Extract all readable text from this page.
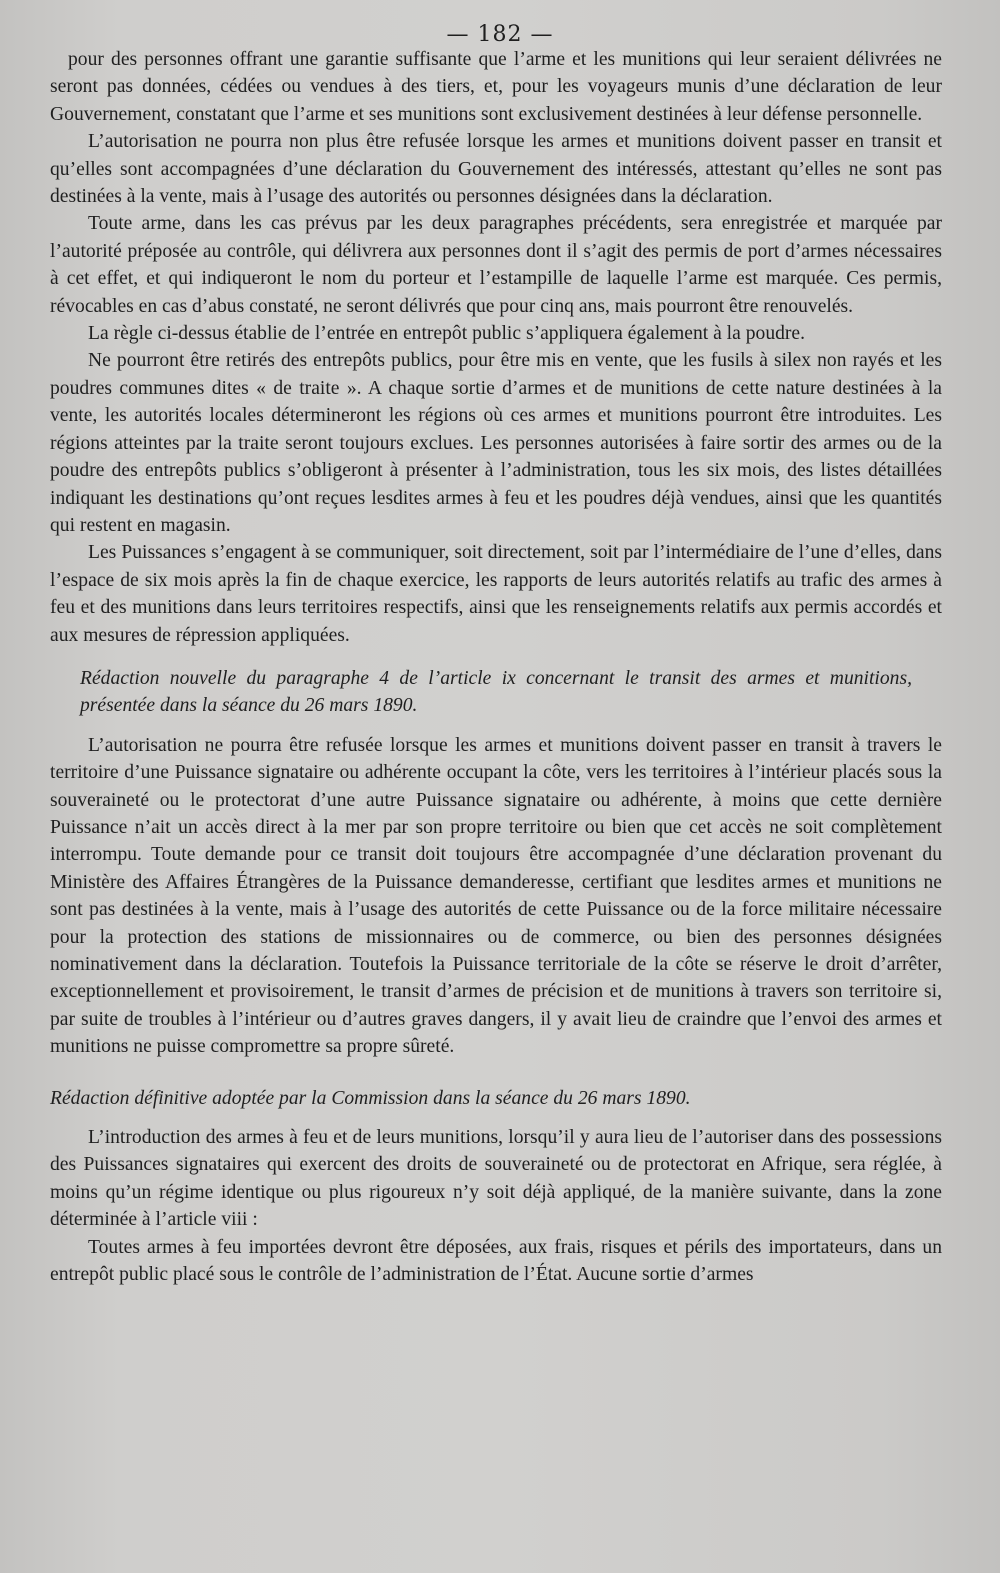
— 182 —

pour des personnes offrant une garantie suffisante que l’arme et les munitions qui leur seraient délivrées ne seront pas données, cédées ou vendues à des tiers, et, pour les voyageurs munis d’une déclaration de leur Gouvernement, constatant que l’arme et ses munitions sont exclusivement destinées à leur défense personnelle.

L’autorisation ne pourra non plus être refusée lorsque les armes et munitions doivent passer en transit et qu’elles sont accompagnées d’une déclaration du Gouvernement des intéressés, attestant qu’elles ne sont pas destinées à la vente, mais à l’usage des autorités ou personnes désignées dans la déclaration.

Toute arme, dans les cas prévus par les deux paragraphes précédents, sera enregistrée et marquée par l’autorité préposée au contrôle, qui délivrera aux personnes dont il s’agit des permis de port d’armes nécessaires à cet effet, et qui indiqueront le nom du porteur et l’estampille de laquelle l’arme est marquée. Ces permis, révocables en cas d’abus constaté, ne seront délivrés que pour cinq ans, mais pourront être renouvelés.

La règle ci-dessus établie de l’entrée en entrepôt public s’appliquera également à la poudre.

Ne pourront être retirés des entrepôts publics, pour être mis en vente, que les fusils à silex non rayés et les poudres communes dites « de traite ». A chaque sortie d’armes et de munitions de cette nature destinées à la vente, les autorités locales détermineront les régions où ces armes et munitions pourront être introduites. Les régions atteintes par la traite seront toujours exclues. Les personnes autorisées à faire sortir des armes ou de la poudre des entrepôts publics s’obligeront à présenter à l’administration, tous les six mois, des listes détaillées indiquant les destinations qu’ont reçues lesdites armes à feu et les poudres déjà vendues, ainsi que les quantités qui restent en magasin.

Les Puissances s’engagent à se communiquer, soit directement, soit par l’intermédiaire de l’une d’elles, dans l’espace de six mois après la fin de chaque exercice, les rapports de leurs autorités relatifs au trafic des armes à feu et des munitions dans leurs territoires respectifs, ainsi que les renseignements relatifs aux permis accordés et aux mesures de répression appliquées.

Rédaction nouvelle du paragraphe 4 de l’article ix concernant le transit des armes et munitions, présentée dans la séance du 26 mars 1890.

L’autorisation ne pourra être refusée lorsque les armes et munitions doivent passer en transit à travers le territoire d’une Puissance signataire ou adhérente occupant la côte, vers les territoires à l’intérieur placés sous la souveraineté ou le protectorat d’une autre Puissance signataire ou adhérente, à moins que cette dernière Puissance n’ait un accès direct à la mer par son propre territoire ou bien que cet accès ne soit complètement interrompu. Toute demande pour ce transit doit toujours être accompagnée d’une déclaration provenant du Ministère des Affaires Étrangères de la Puissance demanderesse, certifiant que lesdites armes et munitions ne sont pas destinées à la vente, mais à l’usage des autorités de cette Puissance ou de la force militaire nécessaire pour la protection des stations de missionnaires ou de commerce, ou bien des personnes désignées nominativement dans la déclaration. Toutefois la Puissance territoriale de la côte se réserve le droit d’arrêter, exceptionnellement et provisoirement, le transit d’armes de précision et de munitions à travers son territoire si, par suite de troubles à l’intérieur ou d’autres graves dangers, il y avait lieu de craindre que l’envoi des armes et munitions ne puisse compromettre sa propre sûreté.

Rédaction définitive adoptée par la Commission dans la séance du 26 mars 1890.

L’introduction des armes à feu et de leurs munitions, lorsqu’il y aura lieu de l’autoriser dans des possessions des Puissances signataires qui exercent des droits de souveraineté ou de protectorat en Afrique, sera réglée, à moins qu’un régime identique ou plus rigoureux n’y soit déjà appliqué, de la manière suivante, dans la zone déterminée à l’article viii :

Toutes armes à feu importées devront être déposées, aux frais, risques et périls des importateurs, dans un entrepôt public placé sous le contrôle de l’administration de l’État. Aucune sortie d’armes
